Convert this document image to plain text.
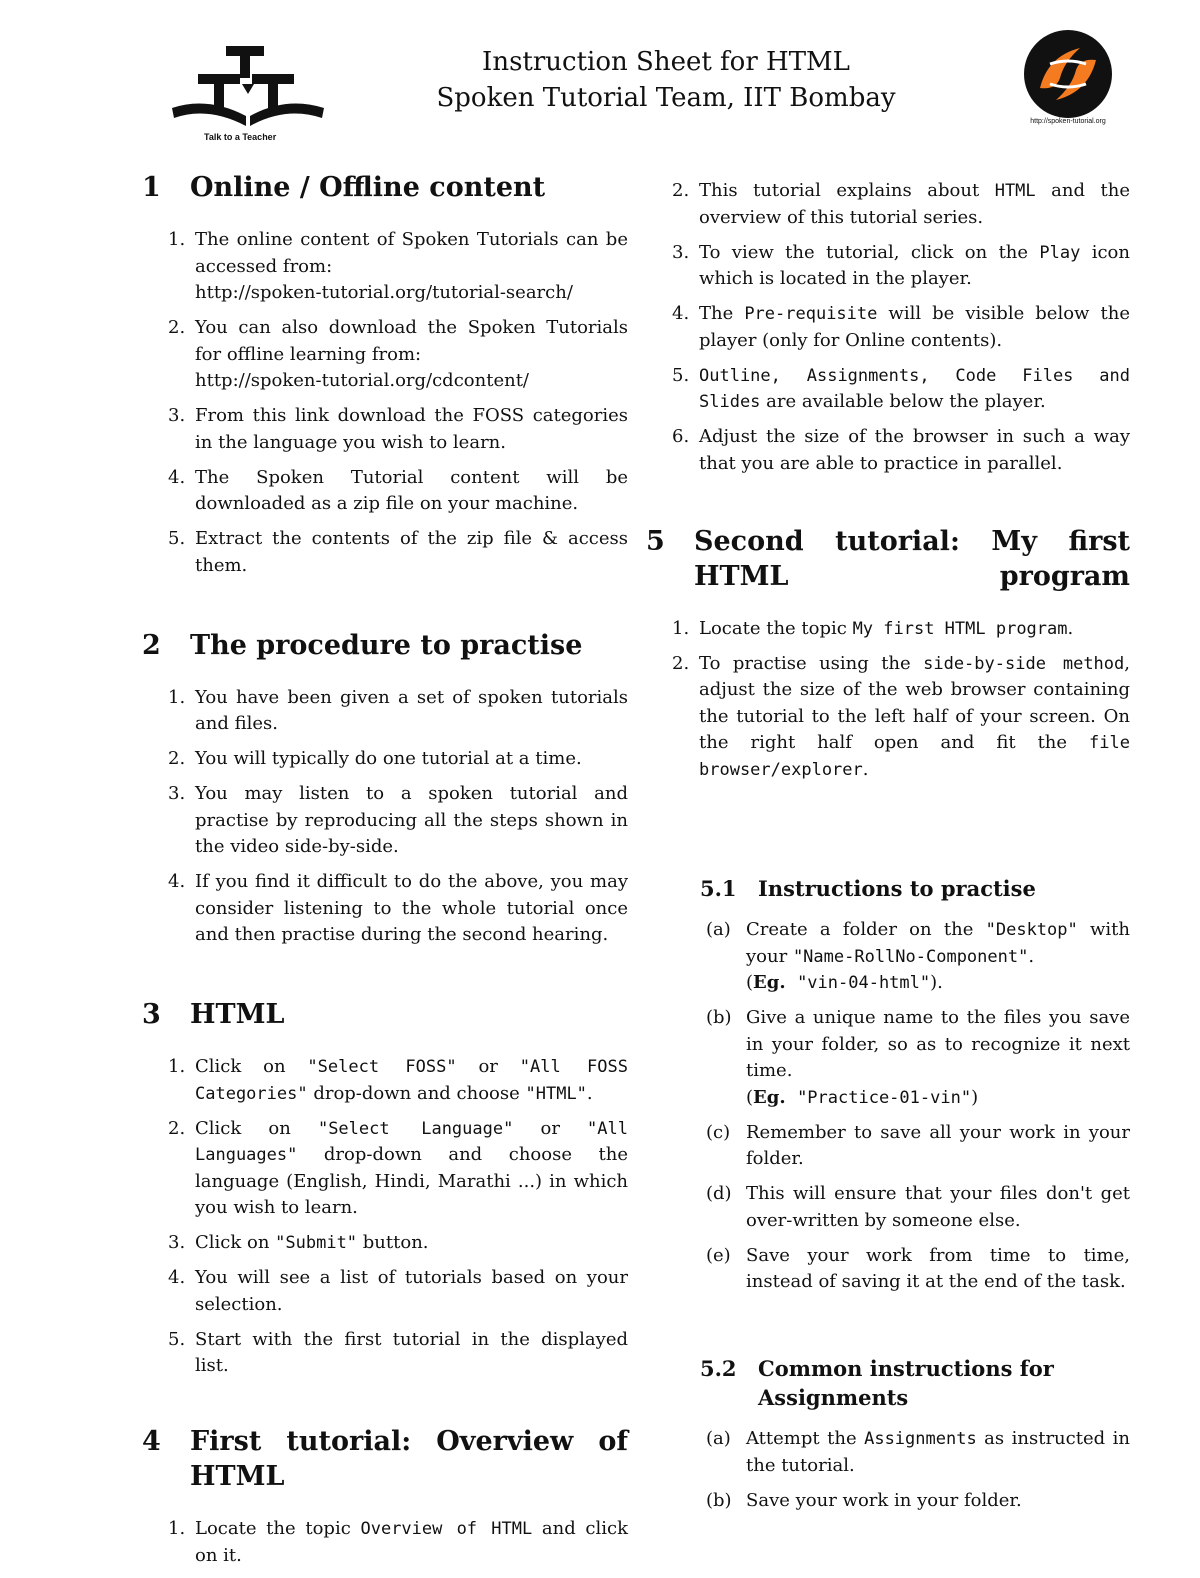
Talk to a Teacher
Instruction Sheet for HTML
Spoken Tutorial Team, IIT Bombay
http://spoken-tutorial.org
1	Online / Offline content
1. The online content of Spoken Tutorials can be accessed from:
http://spoken-tutorial.org/tutorial-search/
2. You can also download the Spoken Tutorials for offline learning from:
http://spoken-tutorial.org/cdcontent/
3. From this link download the FOSS categories in the language you wish to learn.
4. The Spoken Tutorial content will be downloaded as a zip file on your machine.
5. Extract the contents of the zip file & access them.
2	The procedure to practise
1. You have been given a set of spoken tutorials and files.
2. You will typically do one tutorial at a time.
3. You may listen to a spoken tutorial and practise by reproducing all the steps shown in the video side-by-side.
4. If you find it difficult to do the above, you may consider listening to the whole tutorial once and then practise during the second hearing.
3	HTML
1. Click on "Select FOSS" or "All FOSS Categories" drop-down and choose "HTML".
2. Click on "Select Language" or "All Languages" drop-down and choose the language (English, Hindi, Marathi ...) in which you wish to learn.
3. Click on "Submit" button.
4. You will see a list of tutorials based on your selection.
5. Start with the first tutorial in the displayed list.
4	First tutorial: Overview of HTML
1. Locate the topic Overview of HTML and click on it.
2. This tutorial explains about HTML and the overview of this tutorial series.
3. To view the tutorial, click on the Play icon which is located in the player.
4. The Pre-requisite will be visible below the player (only for Online contents).
5. Outline, Assignments, Code Files and Slides are available below the player.
6. Adjust the size of the browser in such a way that you are able to practice in parallel.
5	Second tutorial: My first HTML program
1. Locate the topic My first HTML program.
2. To practise using the side-by-side method, adjust the size of the web browser containing the tutorial to the left half of your screen. On the right half open and fit the file browser/explorer.
5.1	Instructions to practise
(a) Create a folder on the "Desktop" with your "Name-RollNo-Component".
(Eg. "vin-04-html").
(b) Give a unique name to the files you save in your folder, so as to recognize it next time.
(Eg. "Practice-01-vin")
(c) Remember to save all your work in your folder.
(d) This will ensure that your files don't get over-written by someone else.
(e) Save your work from time to time, instead of saving it at the end of the task.
5.2	Common instructions for Assignments
(a) Attempt the Assignments as instructed in the tutorial.
(b) Save your work in your folder.
